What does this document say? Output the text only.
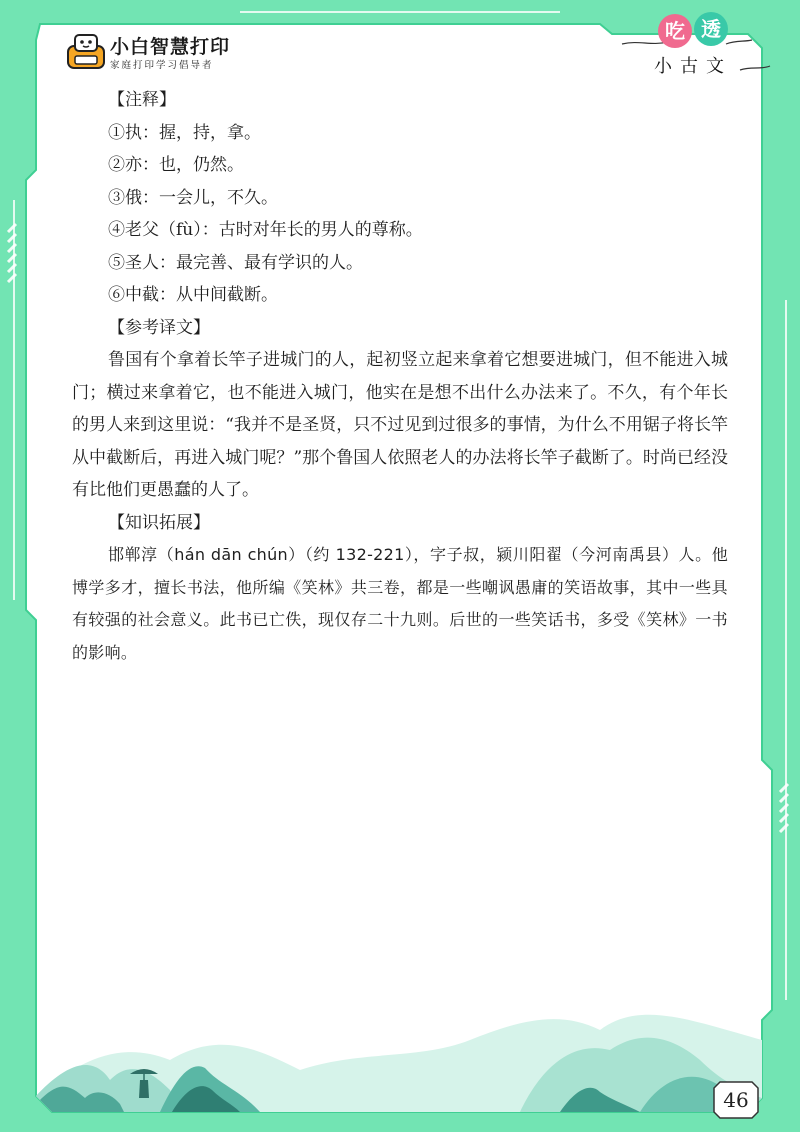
小白智慧打印
家庭打印学习倡导者
吃 透
小古文

【注释】

①执：握，持，拿。

②亦：也，仍然。

③俄：一会儿，不久。

④老父（fù）：古时对年长的男人的尊称。

⑤圣人：最完善、最有学识的人。

⑥中截：从中间截断。

【参考译文】

鲁国有个拿着长竿子进城门的人，起初竖立起来拿着它想要进城门，但不能进入城门；横过来拿着它，也不能进入城门，他实在是想不出什么办法来了。不久，有个年长的男人来到这里说：“我并不是圣贤，只不过见到过很多的事情，为什么不用锯子将长竿从中截断后，再进入城门呢？”那个鲁国人依照老人的办法将长竿子截断了。时尚已经没有比他们更愚蠢的人了。

【知识拓展】

邯郸淳（hán dān chún）（约 132-221），字子叔，颍川阳翟（今河南禹县）人。他博学多才，擅长书法，他所编《笑林》共三卷，都是一些嘲讽愚庸的笑语故事，其中一些具有较强的社会意义。此书已亡佚，现仅存二十九则。后世的一些笑话书，多受《笑林》一书的影响。

46
